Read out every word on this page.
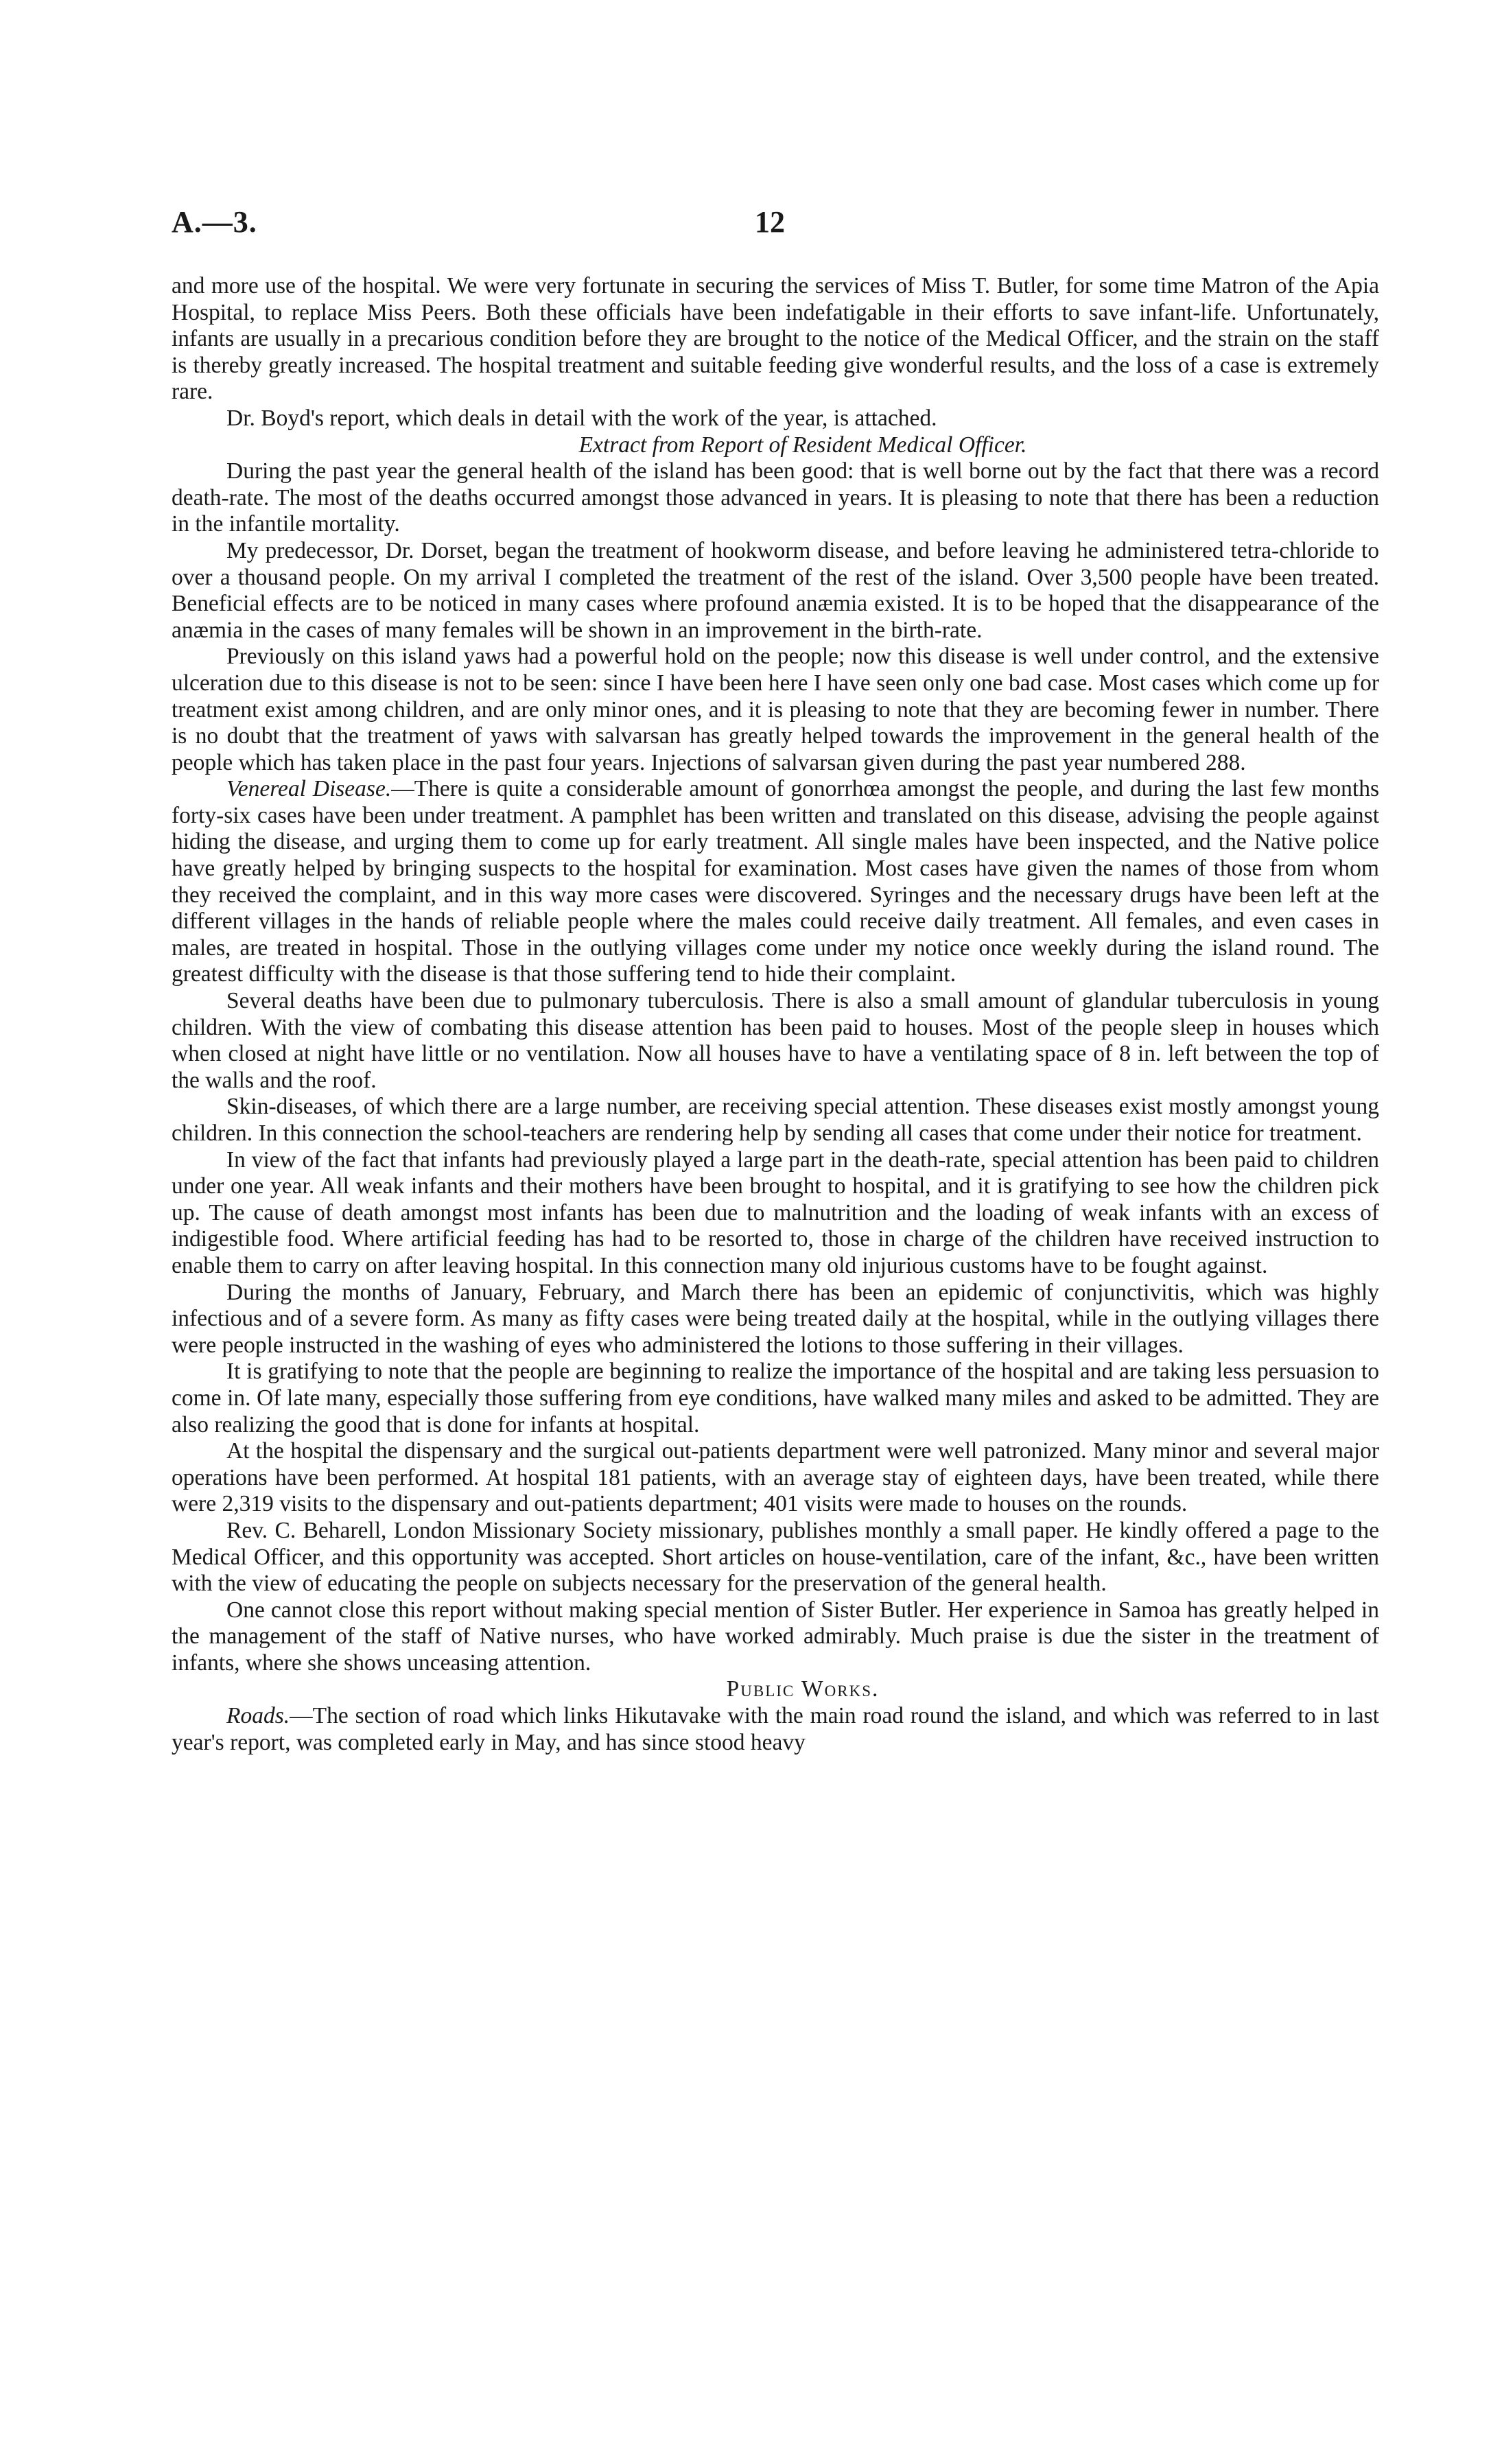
A.—3.	12

and more use of the hospital. We were very fortunate in securing the services of Miss T. Butler, for some time Matron of the Apia Hospital, to replace Miss Peers. Both these officials have been indefatigable in their efforts to save infant-life. Unfortunately, infants are usually in a precarious condition before they are brought to the notice of the Medical Officer, and the strain on the staff is thereby greatly increased. The hospital treatment and suitable feeding give wonderful results, and the loss of a case is extremely rare.

Dr. Boyd's report, which deals in detail with the work of the year, is attached.

Extract from Report of Resident Medical Officer.

During the past year the general health of the island has been good: that is well borne out by the fact that there was a record death-rate. The most of the deaths occurred amongst those advanced in years. It is pleasing to note that there has been a reduction in the infantile mortality.

My predecessor, Dr. Dorset, began the treatment of hookworm disease, and before leaving he administered tetra-chloride to over a thousand people. On my arrival I completed the treatment of the rest of the island. Over 3,500 people have been treated. Beneficial effects are to be noticed in many cases where profound anæmia existed. It is to be hoped that the disappearance of the anæmia in the cases of many females will be shown in an improvement in the birth-rate.

Previously on this island yaws had a powerful hold on the people; now this disease is well under control, and the extensive ulceration due to this disease is not to be seen: since I have been here I have seen only one bad case. Most cases which come up for treatment exist among children, and are only minor ones, and it is pleasing to note that they are becoming fewer in number. There is no doubt that the treatment of yaws with salvarsan has greatly helped towards the improvement in the general health of the people which has taken place in the past four years. Injections of salvarsan given during the past year numbered 288.

Venereal Disease.—There is quite a considerable amount of gonorrhœa amongst the people, and during the last few months forty-six cases have been under treatment. A pamphlet has been written and translated on this disease, advising the people against hiding the disease, and urging them to come up for early treatment. All single males have been inspected, and the Native police have greatly helped by bringing suspects to the hospital for examination. Most cases have given the names of those from whom they received the complaint, and in this way more cases were discovered. Syringes and the necessary drugs have been left at the different villages in the hands of reliable people where the males could receive daily treatment. All females, and even cases in males, are treated in hospital. Those in the outlying villages come under my notice once weekly during the island round. The greatest difficulty with the disease is that those suffering tend to hide their complaint.

Several deaths have been due to pulmonary tuberculosis. There is also a small amount of glandular tuberculosis in young children. With the view of combating this disease attention has been paid to houses. Most of the people sleep in houses which when closed at night have little or no ventilation. Now all houses have to have a ventilating space of 8 in. left between the top of the walls and the roof.

Skin-diseases, of which there are a large number, are receiving special attention. These diseases exist mostly amongst young children. In this connection the school-teachers are rendering help by sending all cases that come under their notice for treatment.

In view of the fact that infants had previously played a large part in the death-rate, special attention has been paid to children under one year. All weak infants and their mothers have been brought to hospital, and it is gratifying to see how the children pick up. The cause of death amongst most infants has been due to malnutrition and the loading of weak infants with an excess of indigestible food. Where artificial feeding has had to be resorted to, those in charge of the children have received instruction to enable them to carry on after leaving hospital. In this connection many old injurious customs have to be fought against.

During the months of January, February, and March there has been an epidemic of conjunctivitis, which was highly infectious and of a severe form. As many as fifty cases were being treated daily at the hospital, while in the outlying villages there were people instructed in the washing of eyes who administered the lotions to those suffering in their villages.

It is gratifying to note that the people are beginning to realize the importance of the hospital and are taking less persuasion to come in. Of late many, especially those suffering from eye conditions, have walked many miles and asked to be admitted. They are also realizing the good that is done for infants at hospital.

At the hospital the dispensary and the surgical out-patients department were well patronized. Many minor and several major operations have been performed. At hospital 181 patients, with an average stay of eighteen days, have been treated, while there were 2,319 visits to the dispensary and out-patients department; 401 visits were made to houses on the rounds.

Rev. C. Beharell, London Missionary Society missionary, publishes monthly a small paper. He kindly offered a page to the Medical Officer, and this opportunity was accepted. Short articles on house-ventilation, care of the infant, &c., have been written with the view of educating the people on subjects necessary for the preservation of the general health.

One cannot close this report without making special mention of Sister Butler. Her experience in Samoa has greatly helped in the management of the staff of Native nurses, who have worked admirably. Much praise is due the sister in the treatment of infants, where she shows unceasing attention.

Public Works.

Roads.—The section of road which links Hikutavake with the main road round the island, and which was referred to in last year's report, was completed early in May, and has since stood heavy
